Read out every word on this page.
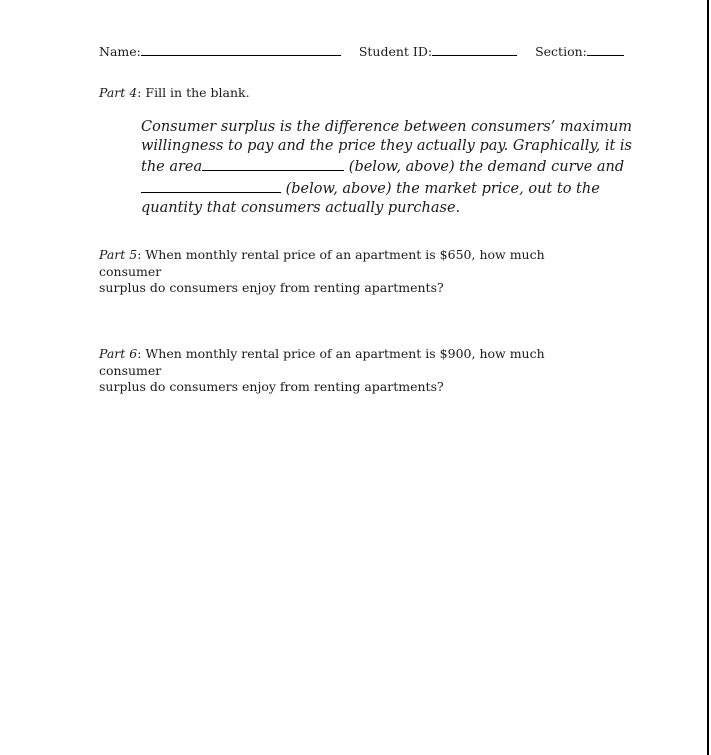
Name:	Student ID:	Section:
Part 4: Fill in the blank.
Consumer surplus is the difference between consumers’ maximum
willingness to pay and the price they actually pay. Graphically, it is
the area	(below, above) the demand curve and
(below, above) the market price, out to the
quantity that consumers actually purchase.
Part 5: When monthly rental price of an apartment is $650, how much consumer
surplus do consumers enjoy from renting apartments?
Part 6: When monthly rental price of an apartment is $900, how much consumer
surplus do consumers enjoy from renting apartments?
